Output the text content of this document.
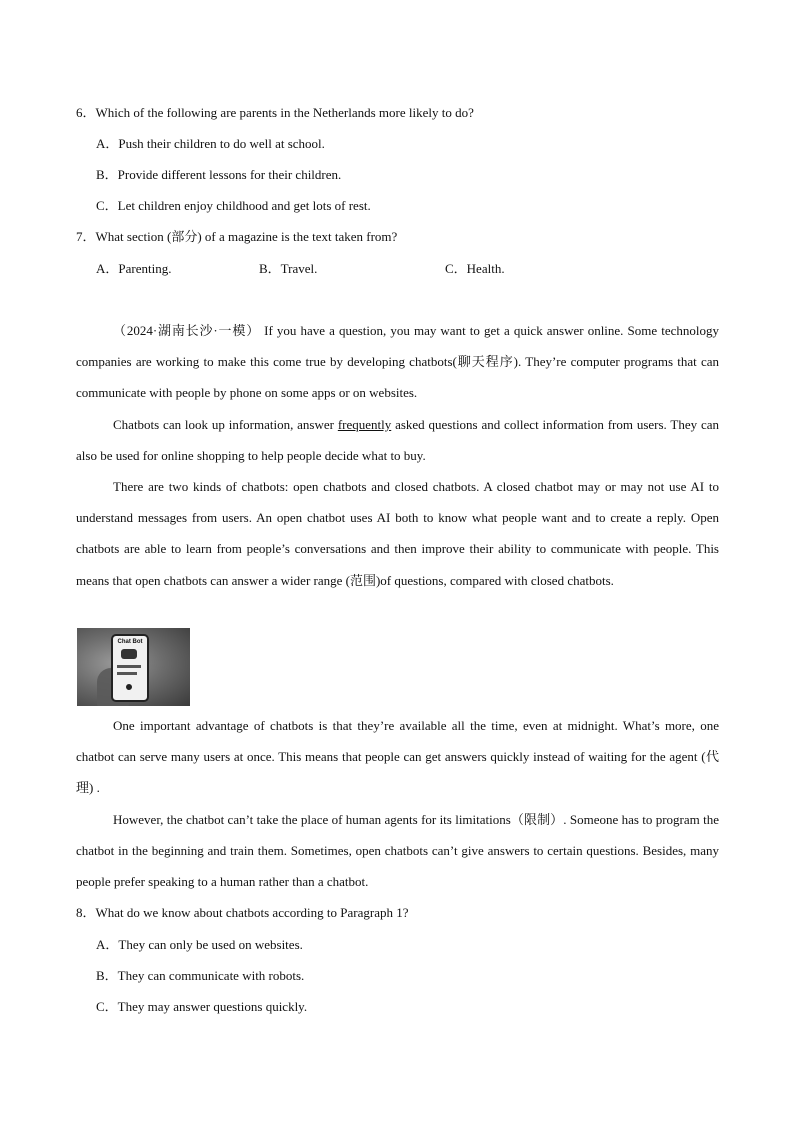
6．Which of the following are parents in the Netherlands more likely to do?
A．Push their children to do well at school.
B．Provide different lessons for their children.
C．Let children enjoy childhood and get lots of rest.
7．What section (部分) of a magazine is the text taken from?
A．Parenting.	B．Travel.	C．Health.
（2024·湖南长沙·一模） If you have a question, you may want to get a quick answer online. Some technology companies are working to make this come true by developing chatbots(聊天程序). They’re computer programs that can communicate with people by phone on some apps or on websites.
Chatbots can look up information, answer frequently asked questions and collect information from users. They can also be used for online shopping to help people decide what to buy.
There are two kinds of chatbots: open chatbots and closed chatbots. A closed chatbot may or may not use AI to understand messages from users. An open chatbot uses AI both to know what people want and to create a reply. Open chatbots are able to learn from people’s conversations and then improve their ability to communicate with people. This means that open chatbots can answer a wider range (范围)of questions, compared with closed chatbots.
Chat Bot
One important advantage of chatbots is that they’re available all the time, even at midnight. What’s more, one chatbot can serve many users at once. This means that people can get answers quickly instead of waiting for the agent (代理) .
However, the chatbot can’t take the place of human agents for its limitations（限制）. Someone has to program the chatbot in the beginning and train them. Sometimes, open chatbots can’t give answers to certain questions. Besides, many people prefer speaking to a human rather than a chatbot.
8．What do we know about chatbots according to Paragraph 1?
A．They can only be used on websites.
B．They can communicate with robots.
C．They may answer questions quickly.
